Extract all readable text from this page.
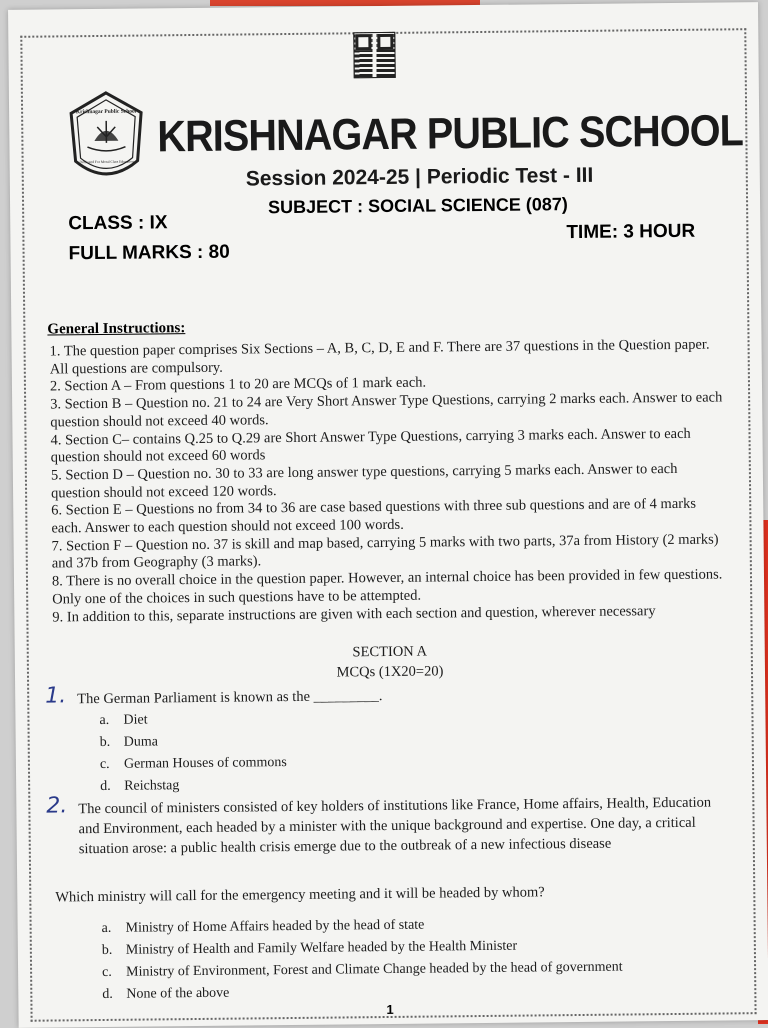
Krishnagar Public School
Dedicated For Moral Class Education
KRISHNAGAR PUBLIC SCHOOL
Session 2024-25 | Periodic Test - III
CLASS : IX
SUBJECT : SOCIAL SCIENCE (087)
TIME: 3 HOUR
FULL MARKS : 80
General Instructions:
1. The question paper comprises Six Sections – A, B, C, D, E and F. There are 37 questions in the Question paper. All questions are compulsory.
2. Section A – From questions 1 to 20 are MCQs of 1 mark each.
3. Section B – Question no. 21 to 24 are Very Short Answer Type Questions, carrying 2 marks each. Answer to each question should not exceed 40 words.
4. Section C– contains Q.25 to Q.29 are Short Answer Type Questions, carrying 3 marks each. Answer to each question should not exceed 60 words
5. Section D – Question no. 30 to 33 are long answer type questions, carrying 5 marks each. Answer to each question should not exceed 120 words.
6. Section E – Questions no from 34 to 36 are case based questions with three sub questions and are of 4 marks each. Answer to each question should not exceed 100 words.
7. Section F – Question no. 37 is skill and map based, carrying 5 marks with two parts, 37a from History (2 marks) and 37b from Geography (3 marks).
8. There is no overall choice in the question paper. However, an internal choice has been provided in few questions. Only one of the choices in such questions have to be attempted.
9. In addition to this, separate instructions are given with each section and question, wherever necessary
SECTION A
MCQs (1X20=20)
1. The German Parliament is known as the _________.
a. Diet
b. Duma
c. German Houses of commons
d. Reichstag
2. The council of ministers consisted of key holders of institutions like France, Home affairs, Health, Education and Environment, each headed by a minister with the unique background and expertise. One day, a critical situation arose: a public health crisis emerge due to the outbreak of a new infectious disease
Which ministry will call for the emergency meeting and it will be headed by whom?
a. Ministry of Home Affairs headed by the head of state
b. Ministry of Health and Family Welfare headed by the Health Minister
c. Ministry of Environment, Forest and Climate Change headed by the head of government
d. None of the above
1
